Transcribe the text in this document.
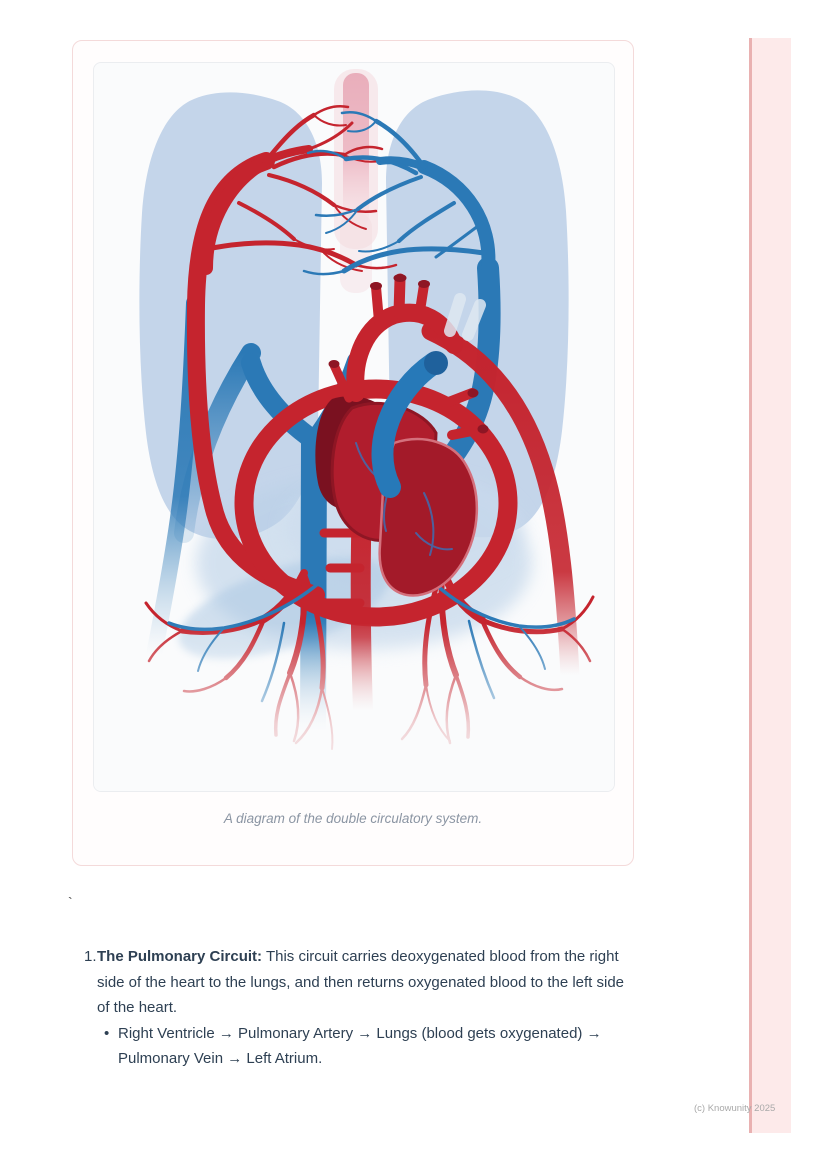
A diagram of the double circulatory system.
`
1. The Pulmonary Circuit: This circuit carries deoxygenated blood from the right side of the heart to the lungs, and then returns oxygenated blood to the left side of the heart.
• Right Ventricle → Pulmonary Artery → Lungs (blood gets oxygenated) → Pulmonary Vein → Left Atrium.
(c) Knowunity 2025
